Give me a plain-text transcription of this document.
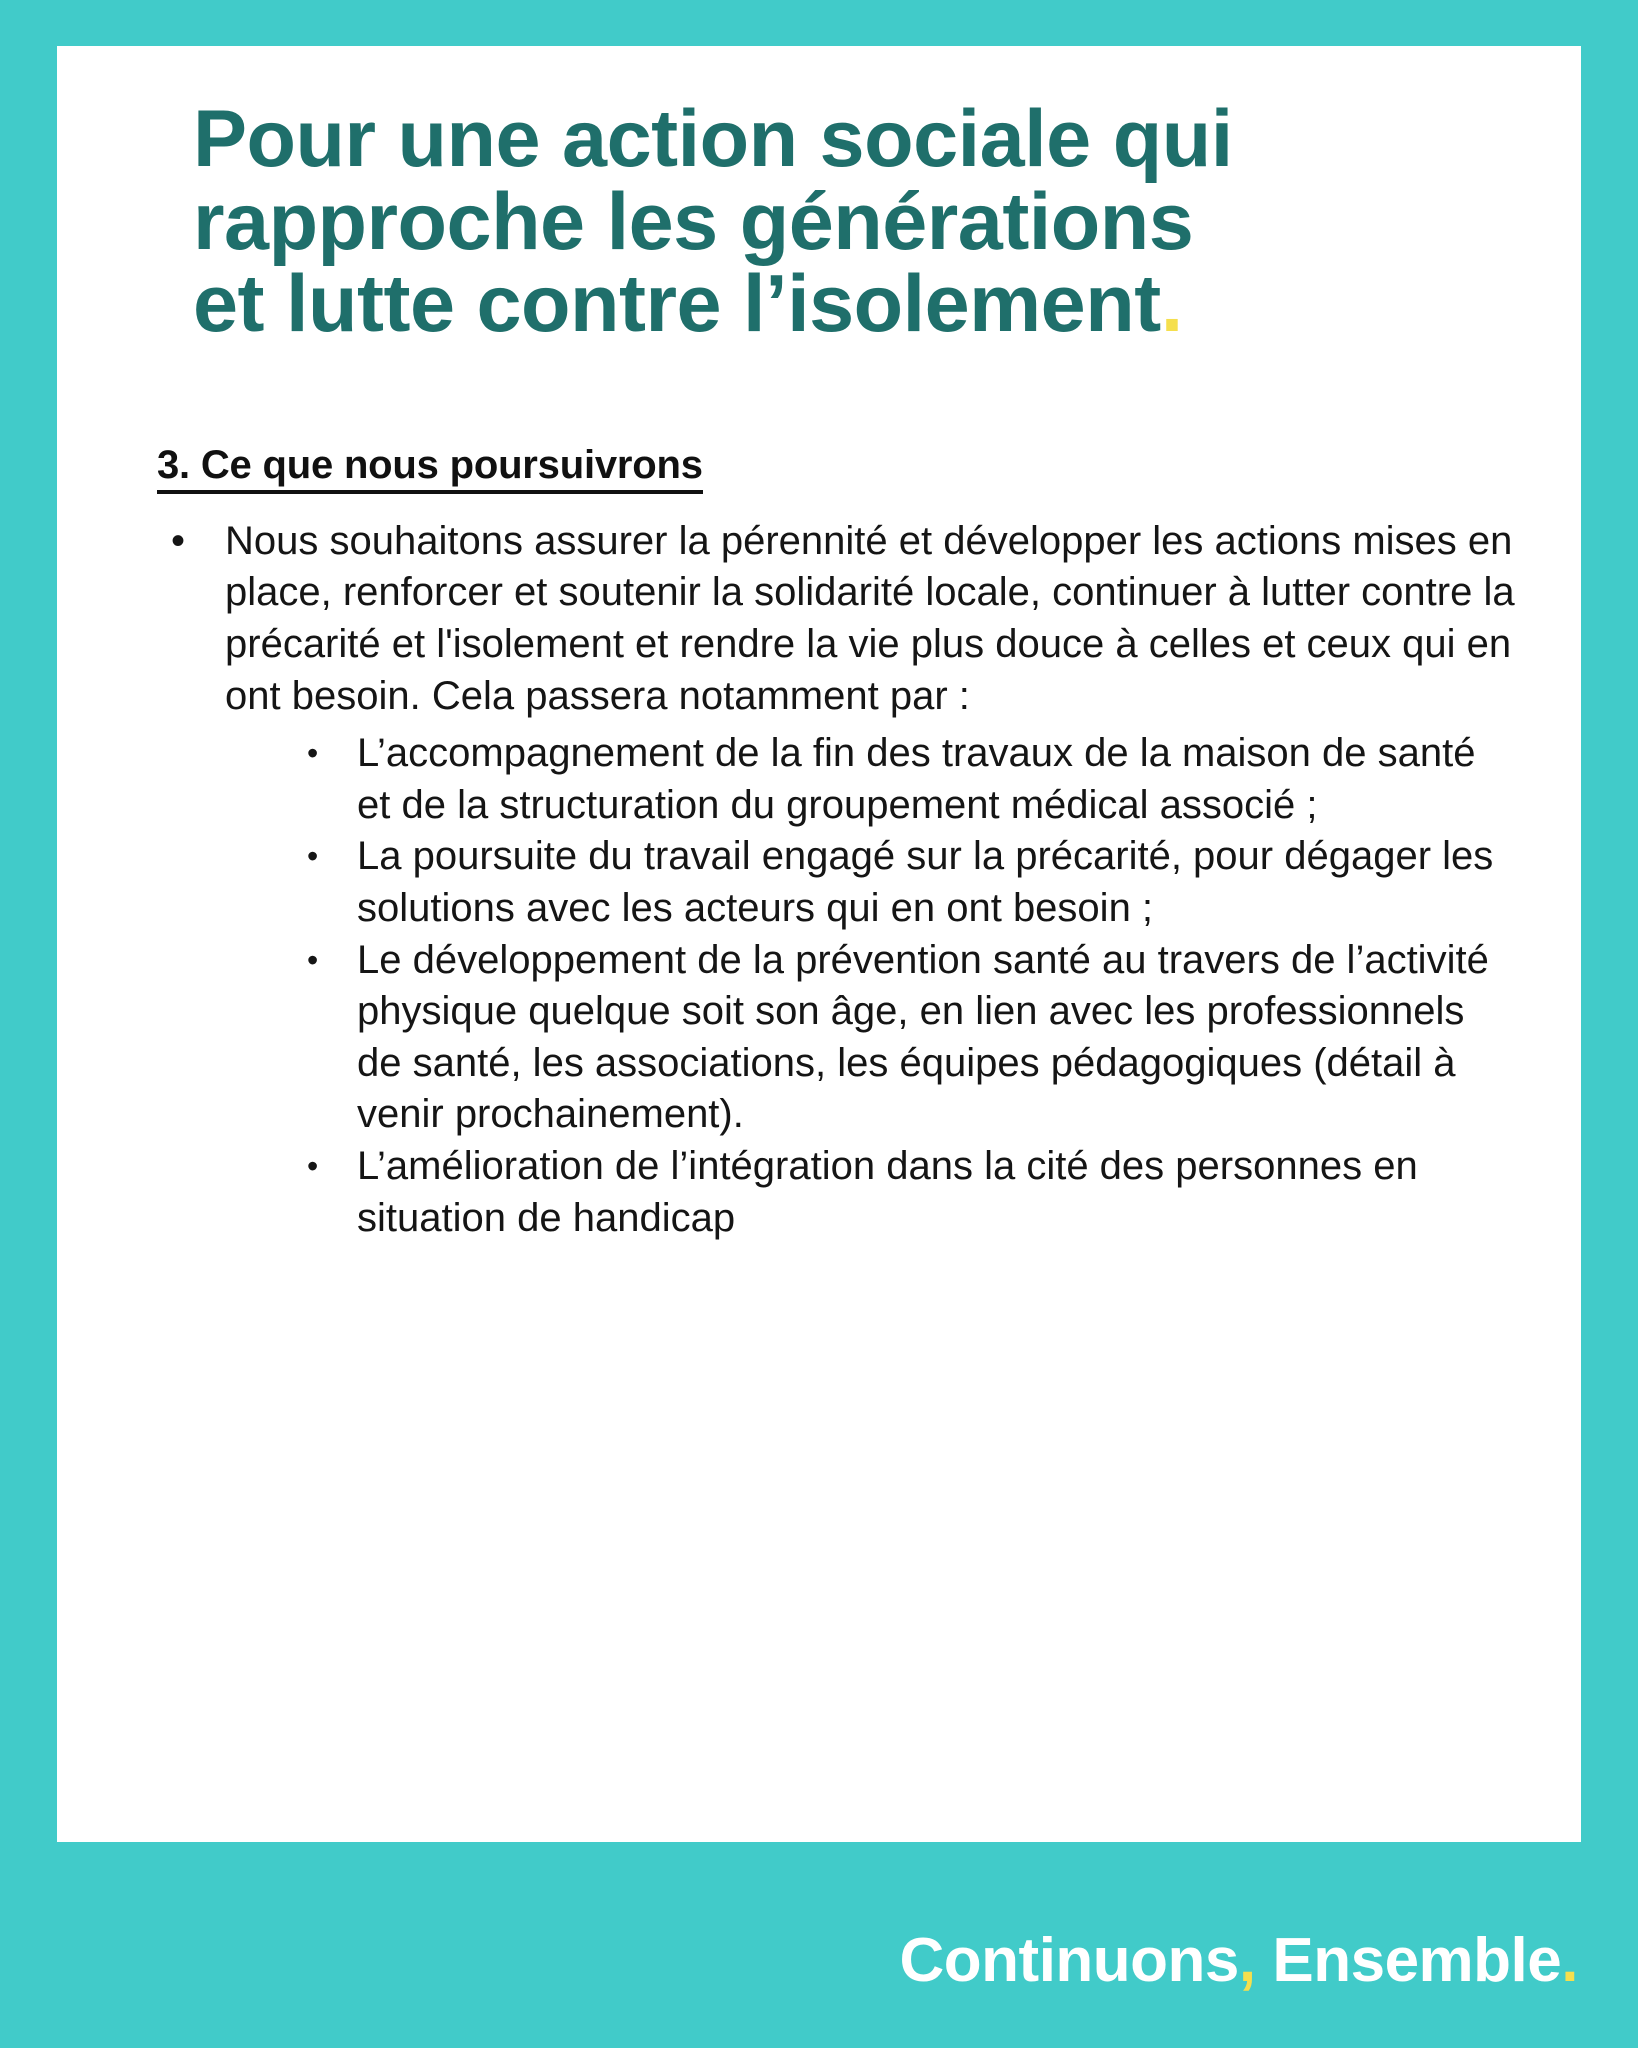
Pour une action sociale qui
rapproche les générations
et lutte contre l’isolement.
3. Ce que nous poursuivrons
• Nous souhaitons assurer la pérennité et développer les actions mises en place, renforcer et soutenir la solidarité locale, continuer à lutter contre la précarité et l'isolement et rendre la vie plus douce à celles et ceux qui en ont besoin. Cela passera notamment par :
• L’accompagnement de la fin des travaux de la maison de santé et de la structuration du groupement médical associé ;
• La poursuite du travail engagé sur la précarité, pour dégager les solutions avec les acteurs qui en ont besoin ;
• Le développement de la prévention santé au travers de l’activité physique quelque soit son âge, en lien avec les professionnels de santé, les associations, les équipes pédagogiques (détail à venir prochainement).
• L’amélioration de l’intégration dans la cité des personnes en situation de handicap
Continuons, Ensemble.
